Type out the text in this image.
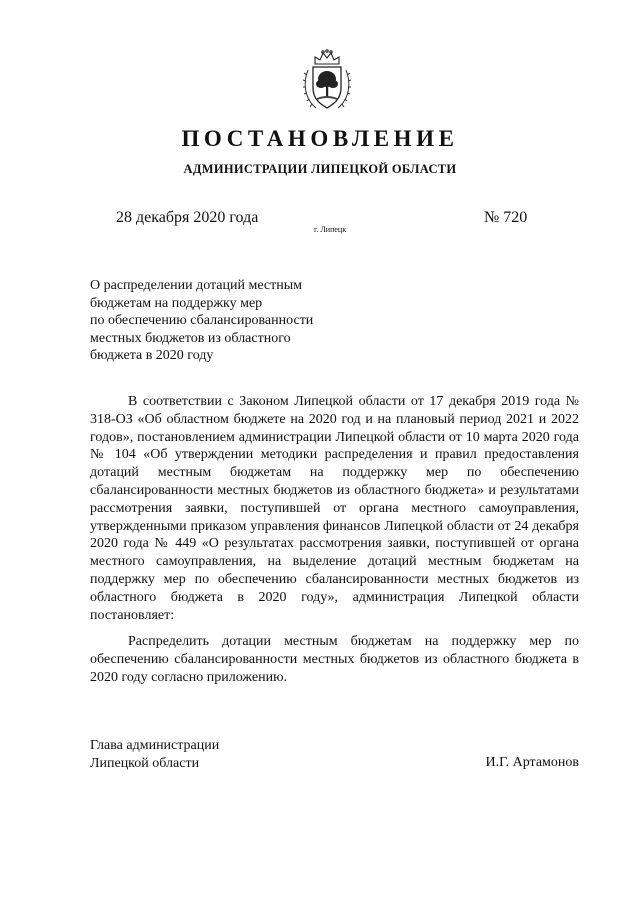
ПОСТАНОВЛЕНИЕ
АДМИНИСТРАЦИИ ЛИПЕЦКОЙ ОБЛАСТИ
28 декабря 2020 года
г. Липецк
№ 720
О распределении дотаций местным
бюджетам на поддержку мер
по обеспечению сбалансированности
местных бюджетов из областного
бюджета в 2020 году

В соответствии с Законом Липецкой области от 17 декабря 2019 года № 318-ОЗ «Об областном бюджете на 2020 год и на плановый период 2021 и 2022 годов», постановлением администрации Липецкой области от 10 марта 2020 года № 104 «Об утверждении методики распределения и правил предоставления дотаций местным бюджетам на поддержку мер по обеспечению сбалансированности местных бюджетов из областного бюджета» и результатами рассмотрения заявки, поступившей от органа местного самоуправления, утвержденными приказом управления финансов Липецкой области от 24 декабря 2020 года № 449 «О результатах рассмотрения заявки, поступившей от органа местного самоуправления, на выделение дотаций местным бюджетам на поддержку мер по обеспечению сбалансированности местных бюджетов из областного бюджета в 2020 году», администрация Липецкой области постановляет:

Распределить дотации местным бюджетам на поддержку мер по обеспечению сбалансированности местных бюджетов из областного бюджета в 2020 году согласно приложению.

Глава администрации
Липецкой области	И.Г. Артамонов
